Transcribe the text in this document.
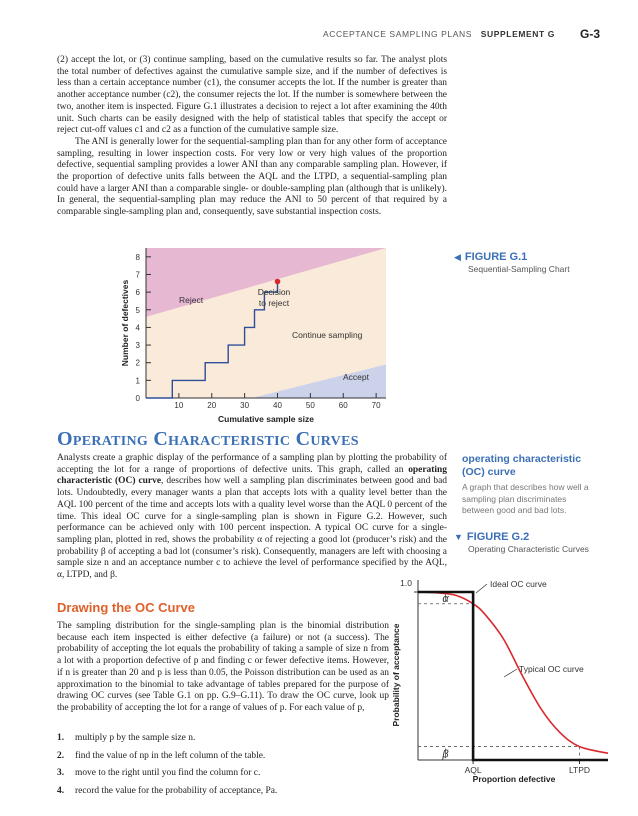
ACCEPTANCE SAMPLING PLANS SUPPLEMENT G G-3

(2) accept the lot, or (3) continue sampling, based on the cumulative results so far. The analyst plots the total number of defectives against the cumulative sample size, and if the number of defectives is less than a certain acceptance number (c1), the consumer accepts the lot. If the number is greater than another acceptance number (c2), the consumer rejects the lot. If the number is somewhere between the two, another item is inspected. Figure G.1 illustrates a decision to reject a lot after examining the 40th unit. Such charts can be easily designed with the help of statistical tables that specify the accept or reject cut-off values c1 and c2 as a function of the cumulative sample size.

The ANI is generally lower for the sequential-sampling plan than for any other form of acceptance sampling, resulting in lower inspection costs. For very low or very high values of the proportion defective, sequential sampling provides a lower ANI than any comparable sampling plan. However, if the proportion of defective units falls between the AQL and the LTPD, a sequential-sampling plan could have a larger ANI than a comparable single- or double-sampling plan (although that is unlikely). In general, the sequential-sampling plan may reduce the ANI to 50 percent of that required by a comparable single-sampling plan and, consequently, save substantial inspection costs.

◀ FIGURE G.1
Sequential-Sampling Chart
0
1
2
3
4
5
6
7
8
10	20	30	40	50	60	70
Reject
Decision
to reject
Continue sampling
Accept
Cumulative sample size
Number of defectives
Operating Characteristic Curves

Analysts create a graphic display of the performance of a sampling plan by plotting the probability of accepting the lot for a range of proportions of defective units. This graph, called an operating characteristic (OC) curve, describes how well a sampling plan discriminates between good and bad lots. Undoubtedly, every manager wants a plan that accepts lots with a quality level better than the AQL 100 percent of the time and accepts lots with a quality level worse than the AQL 0 percent of the time. This ideal OC curve for a single-sampling plan is shown in Figure G.2. However, such performance can be achieved only with 100 percent inspection. A typical OC curve for a single-sampling plan, plotted in red, shows the probability α of rejecting a good lot (producer’s risk) and the probability β of accepting a bad lot (consumer’s risk). Consequently, managers are left with choosing a sample size n and an acceptance number c to achieve the level of performance specified by the AQL, α, LTPD, and β.

operating characteristic
(OC) curve
A graph that describes how well a sampling plan discriminates between good and bad lots.
▼ FIGURE G.2
Operating Characteristic Curves
α
β
1.0
AQL	LTPD
Ideal OC curve
Typical OC curve
Proportion defective
Probability of acceptance
Drawing the OC Curve

The sampling distribution for the single-sampling plan is the binomial distribution because each item inspected is either defective (a failure) or not (a success). The probability of accepting the lot equals the probability of taking a sample of size n from a lot with a proportion defective of p and finding c or fewer defective items. However, if n is greater than 20 and p is less than 0.05, the Poisson distribution can be used as an approximation to the binomial to take advantage of tables prepared for the purpose of drawing OC curves (see Table G.1 on pp. G.9–G.11). To draw the OC curve, look up the probability of accepting the lot for a range of values of p. For each value of p,

1. multiply p by the sample size n.
2. find the value of np in the left column of the table.
3. move to the right until you find the column for c.
4. record the value for the probability of acceptance, Pa.
